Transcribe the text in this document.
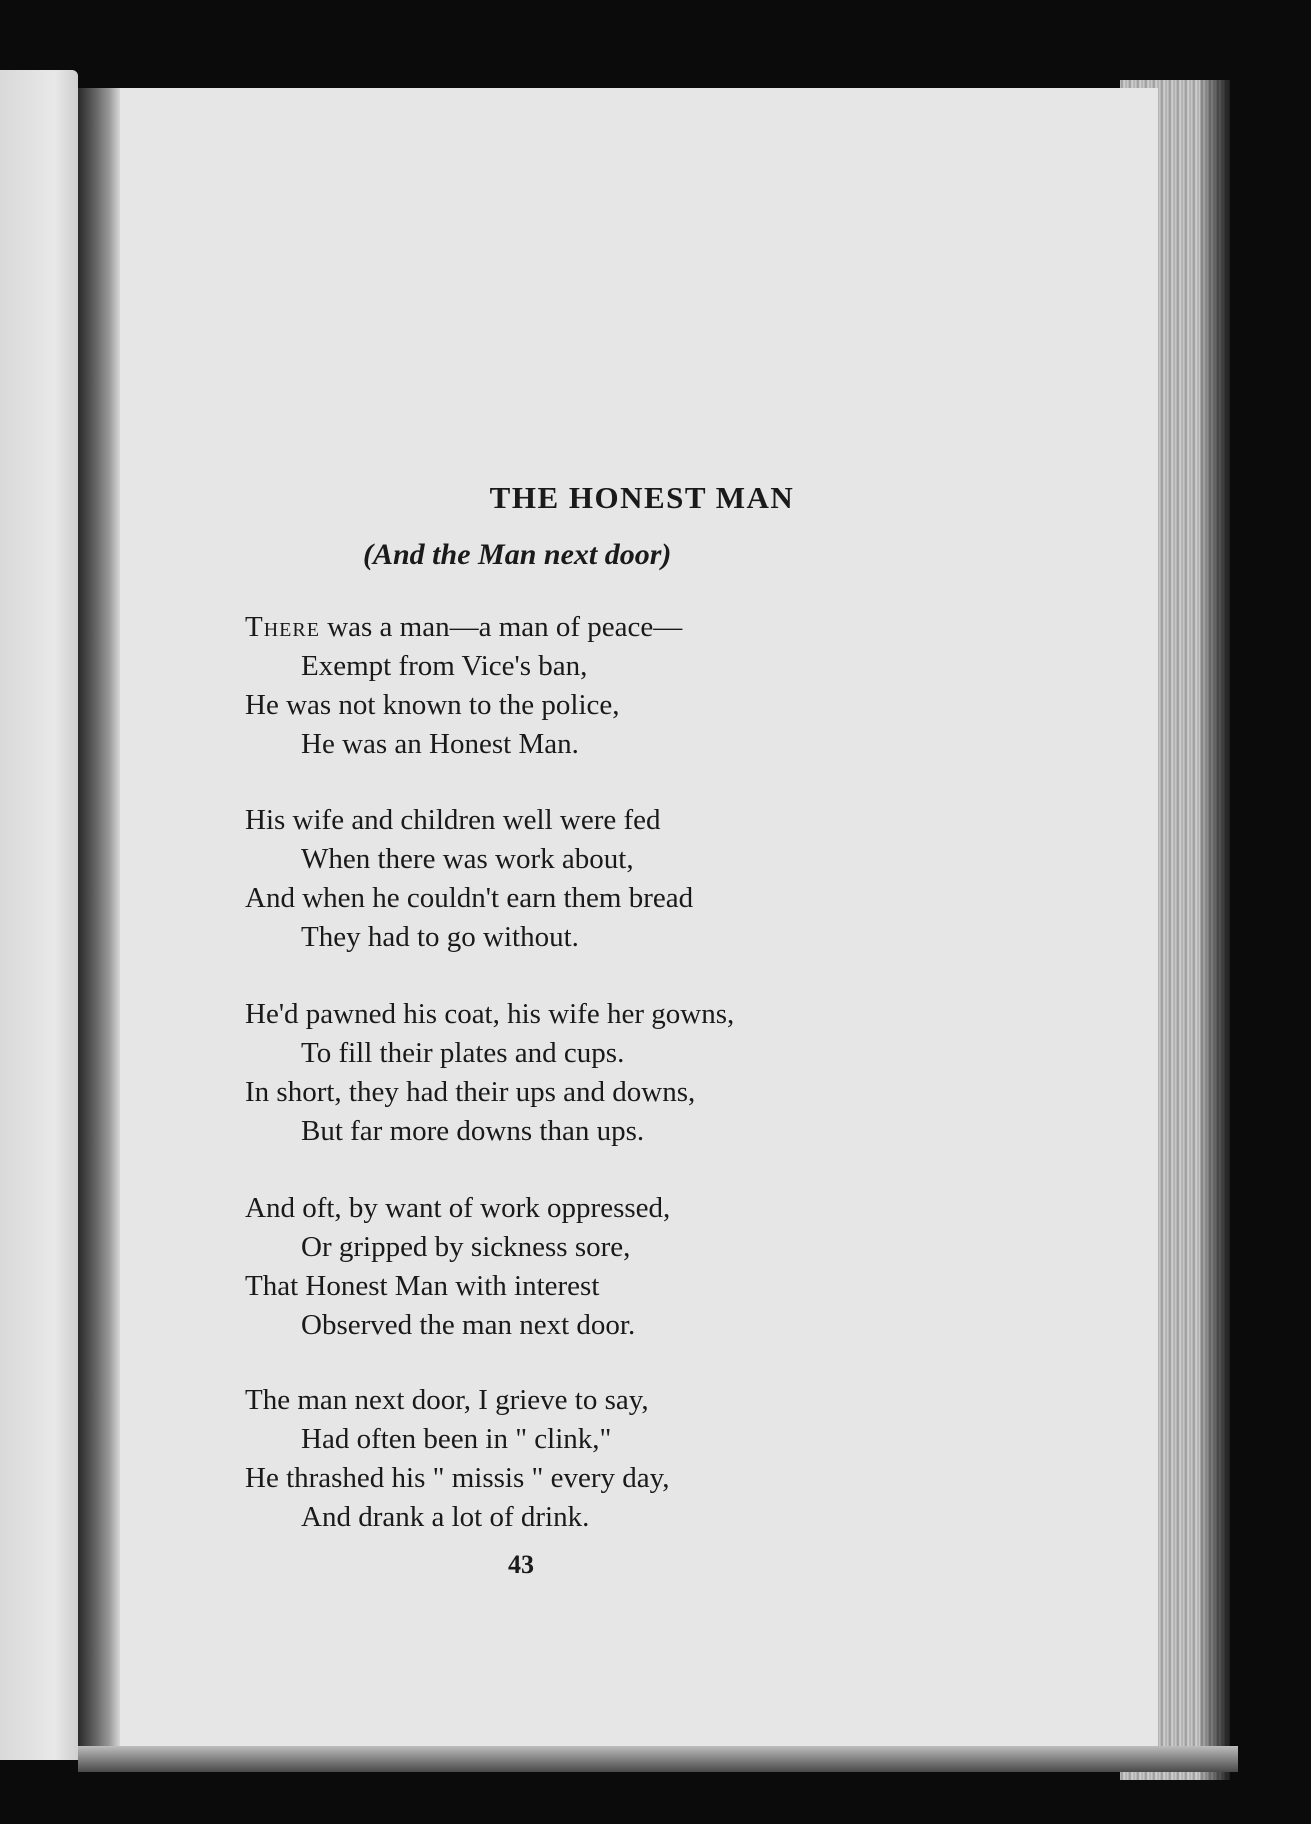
THE HONEST MAN
(And the Man next door)
There was a man—a man of peace—
Exempt from Vice's ban,
He was not known to the police,
He was an Honest Man.
His wife and children well were fed
When there was work about,
And when he couldn't earn them bread
They had to go without.
He'd pawned his coat, his wife her gowns,
To fill their plates and cups.
In short, they had their ups and downs,
But far more downs than ups.
And oft, by want of work oppressed,
Or gripped by sickness sore,
That Honest Man with interest
Observed the man next door.
The man next door, I grieve to say,
Had often been in " clink,"
He thrashed his " missis " every day,
And drank a lot of drink.
43
